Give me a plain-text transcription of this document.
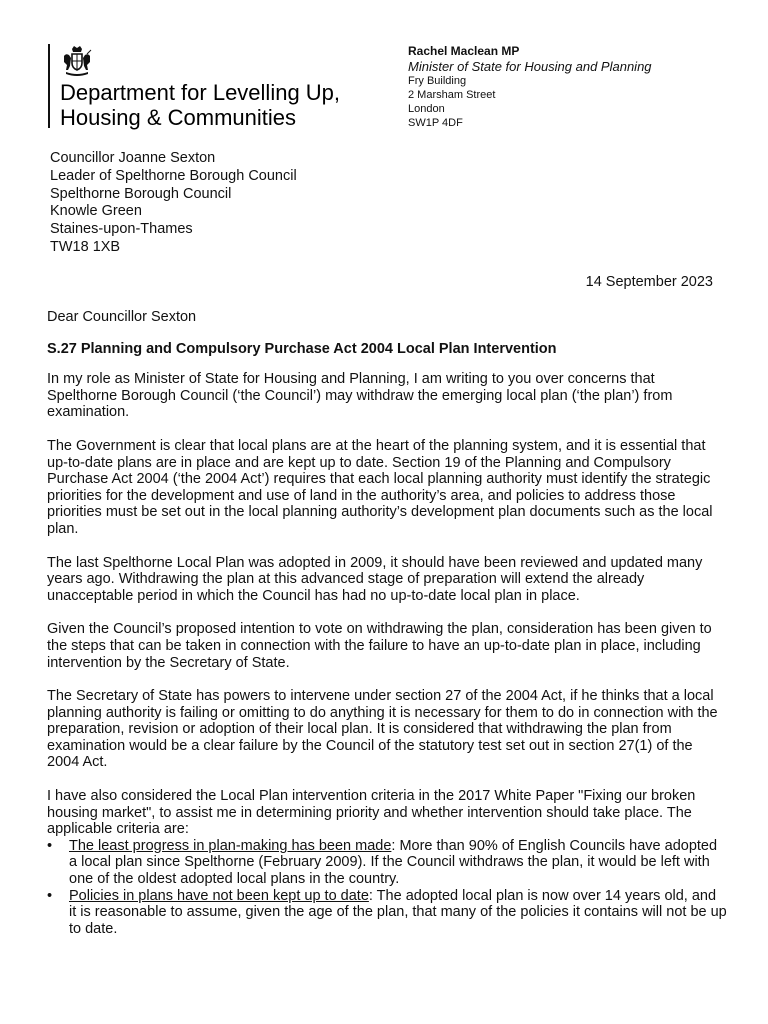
Department for Levelling Up,
Housing & Communities
Rachel Maclean MP
Minister of State for Housing and Planning
Fry Building
2 Marsham Street
London
SW1P 4DF
Councillor Joanne Sexton
Leader of Spelthorne Borough Council
Spelthorne Borough Council
Knowle Green
Staines-upon-Thames
TW18 1XB
14 September 2023

Dear Councillor Sexton

S.27 Planning and Compulsory Purchase Act 2004 Local Plan Intervention

In my role as Minister of State for Housing and Planning, I am writing to you over concerns that Spelthorne Borough Council (‘the Council’) may withdraw the emerging local plan (‘the plan’) from examination.

The Government is clear that local plans are at the heart of the planning system, and it is essential that up-to-date plans are in place and are kept up to date. Section 19 of the Planning and Compulsory Purchase Act 2004 (‘the 2004 Act’) requires that each local planning authority must identify the strategic priorities for the development and use of land in the authority’s area, and policies to address those priorities must be set out in the local planning authority’s development plan documents such as the local plan.

The last Spelthorne Local Plan was adopted in 2009, it should have been reviewed and updated many years ago. Withdrawing the plan at this advanced stage of preparation will extend the already unacceptable period in which the Council has had no up-to-date local plan in place.

Given the Council’s proposed intention to vote on withdrawing the plan, consideration has been given to the steps that can be taken in connection with the failure to have an up-to-date plan in place, including intervention by the Secretary of State.

The Secretary of State has powers to intervene under section 27 of the 2004 Act, if he thinks that a local planning authority is failing or omitting to do anything it is necessary for them to do in connection with the preparation, revision or adoption of their local plan. It is considered that withdrawing the plan from examination would be a clear failure by the Council of the statutory test set out in section 27(1) of the 2004 Act.

I have also considered the Local Plan intervention criteria in the 2017 White Paper "Fixing our broken housing market", to assist me in determining priority and whether intervention should take place. The applicable criteria are:

• The least progress in plan-making has been made: More than 90% of English Councils have adopted a local plan since Spelthorne (February 2009). If the Council withdraws the plan, it would be left with one of the oldest adopted local plans in the country.
• Policies in plans have not been kept up to date: The adopted local plan is now over 14 years old, and it is reasonable to assume, given the age of the plan, that many of the policies it contains will not be up to date.
